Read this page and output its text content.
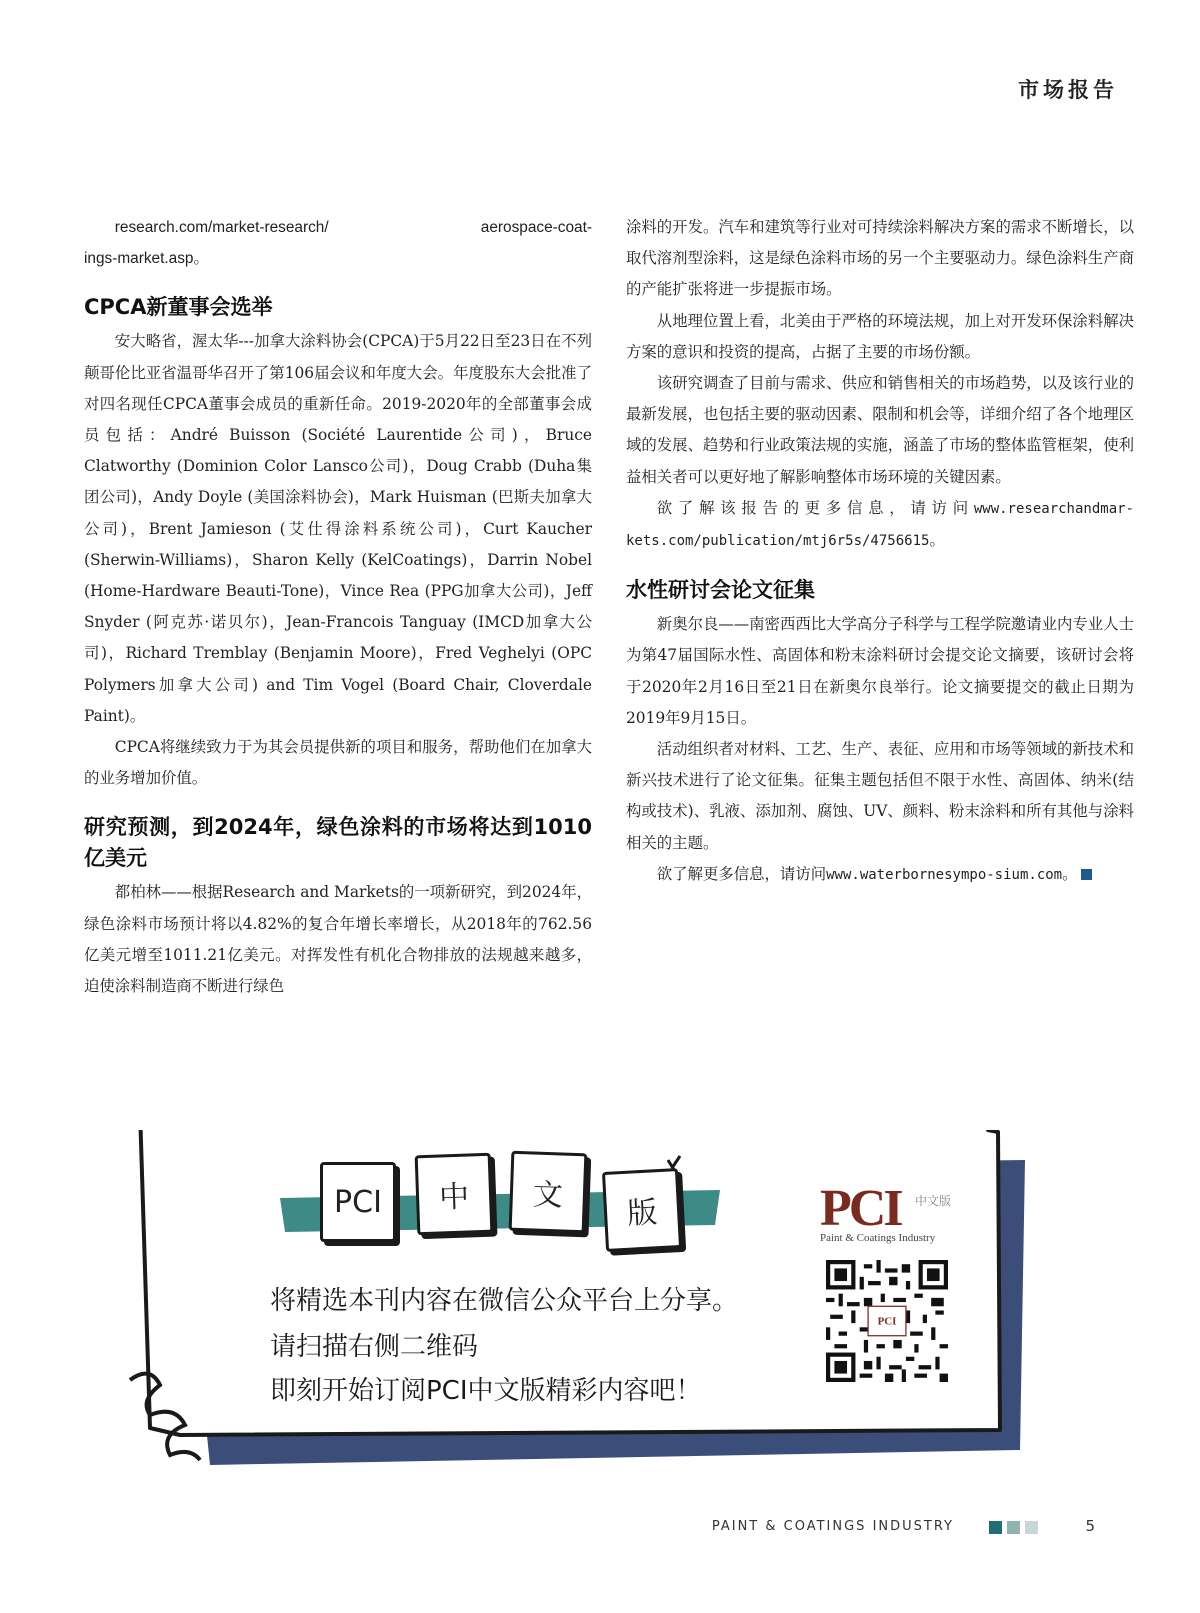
市场报告

research.com/market-research/	aerospace-coat-

ings-market.asp。

CPCA新董事会选举

安大略省，渥太华---加拿大涂料协会(CPCA)于5月22日至23日在不列颠哥伦比亚省温哥华召开了第106届会议和年度大会。年度股东大会批准了对四名现任CPCA董事会成员的重新任命。2019-2020年的全部董事会成员包括：André Buisson (Société Laurentide公司)，Bruce Clatworthy (Dominion Color Lansco公司)，Doug Crabb (Duha集团公司)，Andy Doyle (美国涂料协会)，Mark Huisman (巴斯夫加拿大公司)，Brent Jamieson (艾仕得涂料系统公司)，Curt Kaucher (Sherwin-Williams)，Sharon Kelly (KelCoatings)，Darrin Nobel (Home-Hardware Beauti-Tone)，Vince Rea (PPG加拿大公司)，Jeff Snyder (阿克苏·诺贝尔)，Jean-Francois Tanguay (IMCD加拿大公司)，Richard Tremblay (Benjamin Moore)，Fred Veghelyi (OPC Polymers加拿大公司) and Tim Vogel (Board Chair, Cloverdale Paint)。

CPCA将继续致力于为其会员提供新的项目和服务，帮助他们在加拿大的业务增加价值。

研究预测，到2024年，绿色涂料的市场将达到1010亿美元

都柏林——根据Research and Markets的一项新研究，到2024年，绿色涂料市场预计将以4.82%的复合年增长率增长，从2018年的762.56亿美元增至1011.21亿美元。对挥发性有机化合物排放的法规越来越多，迫使涂料制造商不断进行绿色

涂料的开发。汽车和建筑等行业对可持续涂料解决方案的需求不断增长，以取代溶剂型涂料，这是绿色涂料市场的另一个主要驱动力。绿色涂料生产商的产能扩张将进一步提振市场。

从地理位置上看，北美由于严格的环境法规，加上对开发环保涂料解决方案的意识和投资的提高，占据了主要的市场份额。

该研究调查了目前与需求、供应和销售相关的市场趋势，以及该行业的最新发展，也包括主要的驱动因素、限制和机会等，详细介绍了各个地理区域的发展、趋势和行业政策法规的实施，涵盖了市场的整体监管框架，使利益相关者可以更好地了解影响整体市场环境的关键因素。

欲了解该报告的更多信息，请访问www.researchandmar-kets.com/publication/mtj6r5s/4756615。

水性研讨会论文征集

新奥尔良——南密西西比大学高分子科学与工程学院邀请业内专业人士为第47届国际水性、高固体和粉末涂料研讨会提交论文摘要，该研讨会将于2020年2月16日至21日在新奥尔良举行。论文摘要提交的截止日期为2019年9月15日。

活动组织者对材料、工艺、生产、表征、应用和市场等领域的新技术和新兴技术进行了论文征集。征集主题包括但不限于水性、高固体、纳米(结构或技术)、乳液、添加剂、腐蚀、UV、颜料、粉末涂料和所有其他与涂料相关的主题。

欲了解更多信息，请访问www.waterbornesympo-sium.com。

PCI	中	文	版
将精选本刊内容在微信公众平台上分享。
请扫描右侧二维码
即刻开始订阅PCI中文版精彩内容吧！
PCI	中文版
Paint & Coatings Industry
PCI
PAINT & COATINGS INDUSTRY	5
